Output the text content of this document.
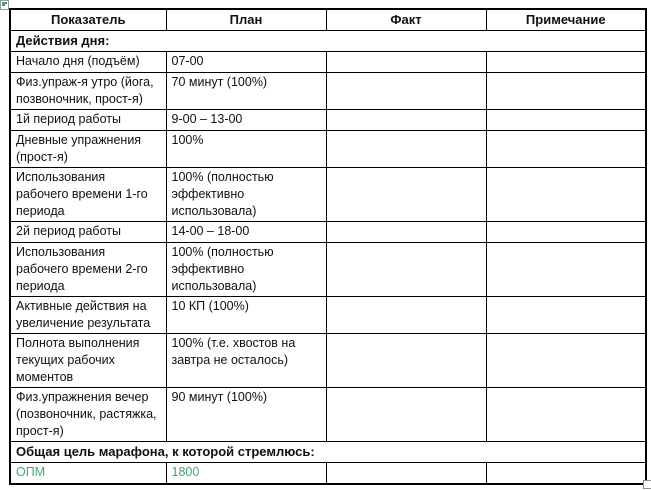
Показатель	План	Факт	Примечание
Действия дня:			
Начало дня (подъём)	07-00		
Физ.упраж-я утро (йога, позвоночник, прост-я)	70 минут (100%)		
1й период работы	9-00 – 13-00		
Дневные упражнения (прост-я)	100%		
Использования рабочего времени 1-го периода	100% (полностью эффективно использовала)		
2й период работы	14-00 – 18-00		
Использования рабочего времени 2-го периода	100% (полностью эффективно использовала)		
Активные действия на увеличение результата	10 КП (100%)		
Полнота выполнения текущих рабочих моментов	100% (т.е. хвостов на завтра не осталось)		
Физ.упражнения вечер (позвоночник, растяжка, прост-я)	90 минут (100%)		
Общая цель марафона, к которой стремлюсь:			
ОПМ	1800		
